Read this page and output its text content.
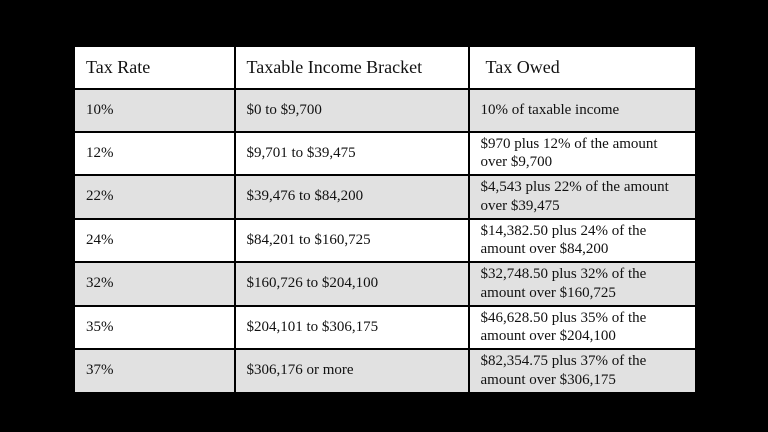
Tax Rate	Taxable Income Bracket	Tax Owed
10%	$0 to $9,700	10% of taxable income
12%	$9,701 to $39,475	$970 plus 12% of the amount over $9,700
22%	$39,476 to $84,200	$4,543 plus 22% of the amount over $39,475
24%	$84,201 to $160,725	$14,382.50 plus 24% of the amount over $84,200
32%	$160,726 to $204,100	$32,748.50 plus 32% of the amount over $160,725
35%	$204,101 to $306,175	$46,628.50 plus 35% of the amount over $204,100
37%	$306,176 or more	$82,354.75 plus 37% of the amount over $306,175
